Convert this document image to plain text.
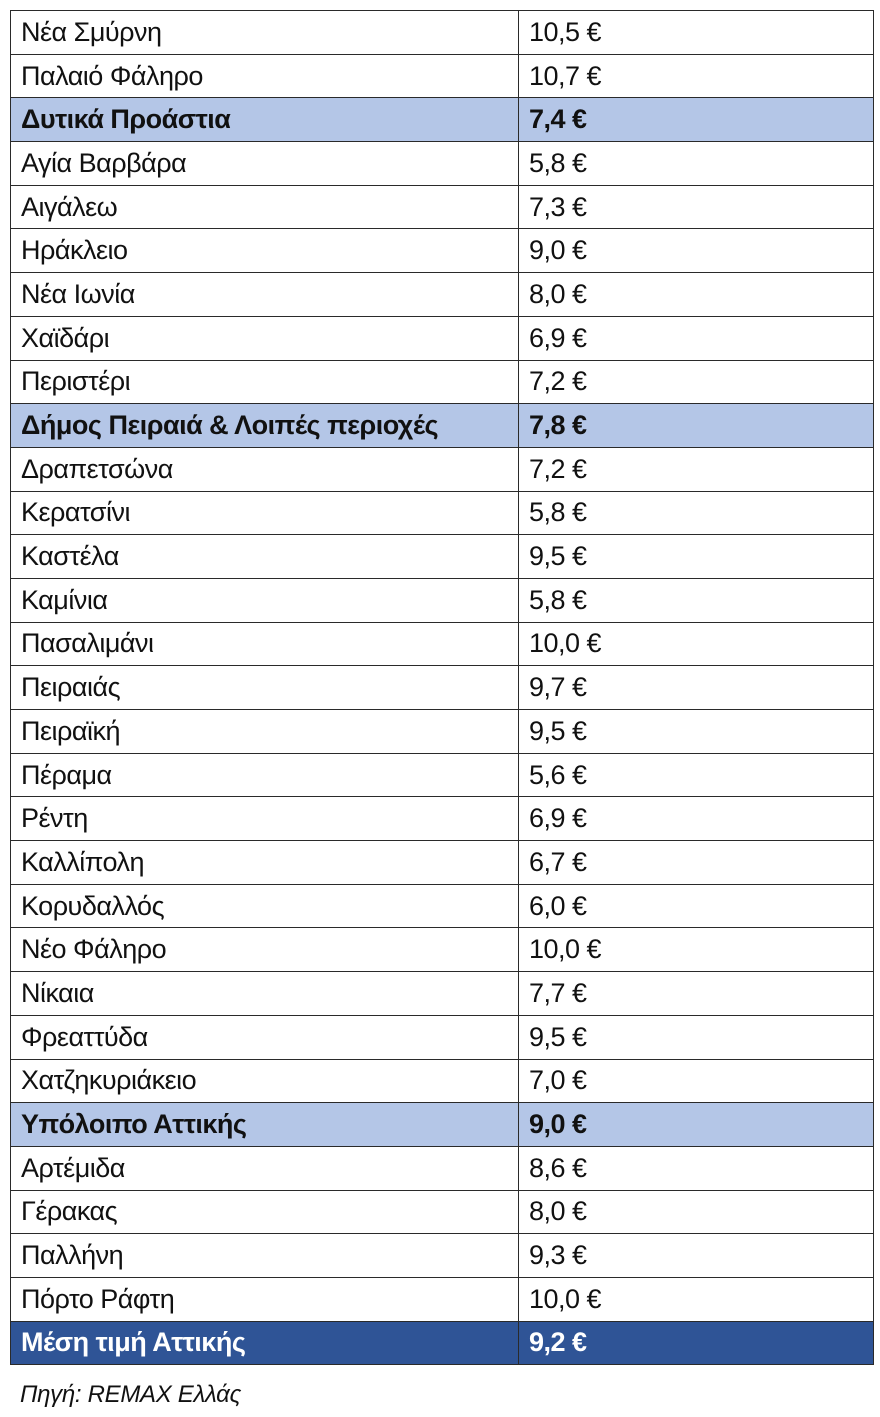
Νέα Σμύρνη	10,5 €
Παλαιό Φάληρο	10,7 €
Δυτικά Προάστια	7,4 €
Αγία Βαρβάρα	5,8 €
Αιγάλεω	7,3 €
Ηράκλειο	9,0 €
Νέα Ιωνία	8,0 €
Χαϊδάρι	6,9 €
Περιστέρι	7,2 €
Δήμος Πειραιά & Λοιπές περιοχές	7,8 €
Δραπετσώνα	7,2 €
Κερατσίνι	5,8 €
Καστέλα	9,5 €
Καμίνια	5,8 €
Πασαλιμάνι	10,0 €
Πειραιάς	9,7 €
Πειραϊκή	9,5 €
Πέραμα	5,6 €
Ρέντη	6,9 €
Καλλίπολη	6,7 €
Κορυδαλλός	6,0 €
Νέο Φάληρο	10,0 €
Νίκαια	7,7 €
Φρεαττύδα	9,5 €
Χατζηκυριάκειο	7,0 €
Υπόλοιπο Αττικής	9,0 €
Αρτέμιδα	8,6 €
Γέρακας	8,0 €
Παλλήνη	9,3 €
Πόρτο Ράφτη	10,0 €
Μέση τιμή Αττικής	9,2 €
Πηγή: REMAX Ελλάς
